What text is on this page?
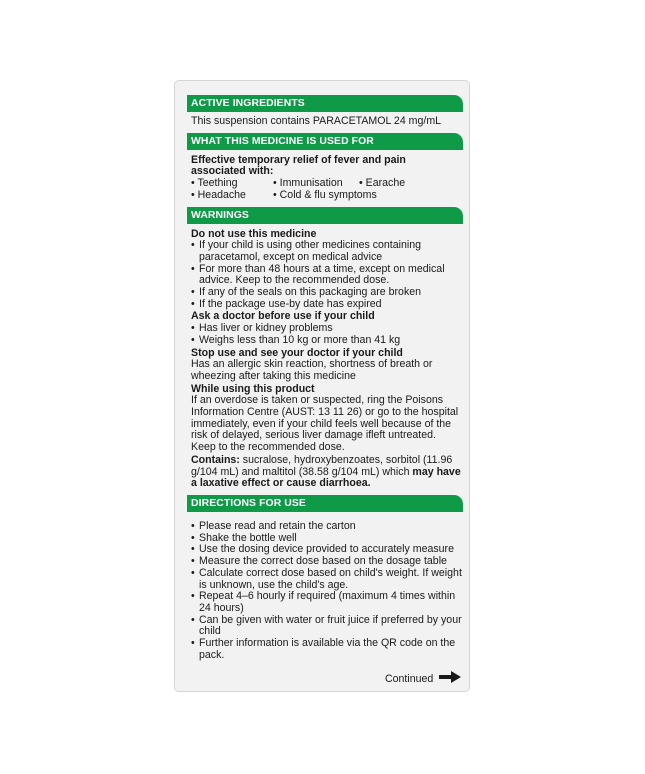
ACTIVE INGREDIENTS
This suspension contains PARACETAMOL 24 mg/mL
WHAT THIS MEDICINE IS USED FOR
Effective temporary relief of fever and pain associated with:
• Teething	• Immunisation	• Earache
• Headache	• Cold & flu symptoms
WARNINGS
Do not use this medicine
• If your child is using other medicines containing paracetamol, except on medical advice
• For more than 48 hours at a time, except on medical advice. Keep to the recommended dose.
• If any of the seals on this packaging are broken
• If the package use-by date has expired
Ask a doctor before use if your child
• Has liver or kidney problems
• Weighs less than 10 kg or more than 41 kg
Stop use and see your doctor if your child
Has an allergic skin reaction, shortness of breath or wheezing after taking this medicine
While using this product
If an overdose is taken or suspected, ring the Poisons Information Centre (AUST: 13 11 26) or go to the hospital immediately, even if your child feels well because of the risk of delayed, serious liver damage ifleft untreated. Keep to the recommended dose.
Contains: sucralose, hydroxybenzoates, sorbitol (11.96 g/104 mL) and maltitol (38.58 g/104 mL) which may have a laxative effect or cause diarrhoea.
DIRECTIONS FOR USE
• Please read and retain the carton
• Shake the bottle well
• Use the dosing device provided to accurately measure
• Measure the correct dose based on the dosage table
• Calculate correct dose based on child's weight. If weight is unknown, use the child's age.
• Repeat 4–6 hourly if required (maximum 4 times within 24 hours)
• Can be given with water or fruit juice if preferred by your child
• Further information is available via the QR code on the pack.
Continued
